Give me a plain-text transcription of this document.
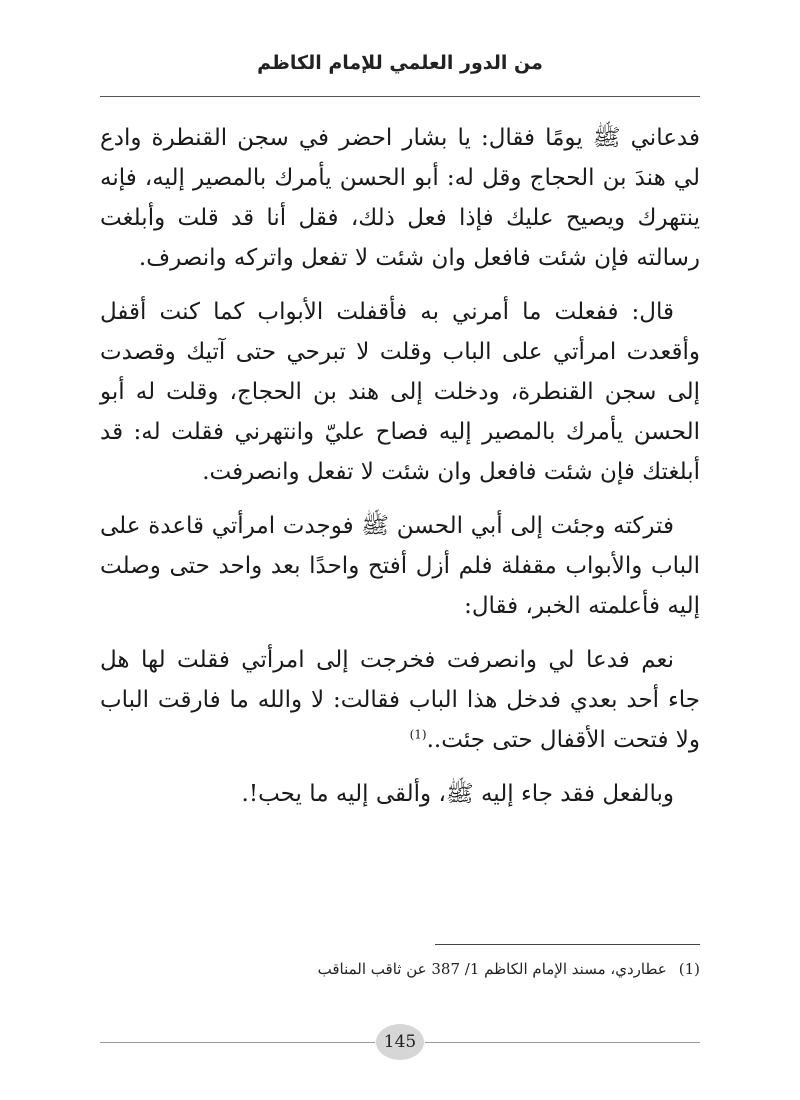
من الدور العلمي للإمام الكاظم

فدعاني ﷺ يومًا فقال: يا بشار احضر في سجن القنطرة وادع لي هندَ بن الحجاج وقل له: أبو الحسن يأمرك بالمصير إليه، فإنه ينتهرك ويصيح عليك فإذا فعل ذلك، فقل أنا قد قلت وأبلغت رسالته فإن شئت فافعل وان شئت لا تفعل واتركه وانصرف.

قال: ففعلت ما أمرني به فأقفلت الأبواب كما كنت أقفل وأقعدت امرأتي على الباب وقلت لا تبرحي حتى آتيك وقصدت إلى سجن القنطرة، ودخلت إلى هند بن الحجاج، وقلت له أبو الحسن يأمرك بالمصير إليه فصاح عليّ وانتهرني فقلت له: قد أبلغتك فإن شئت فافعل وان شئت لا تفعل وانصرفت.

فتركته وجئت إلى أبي الحسن ﷺ فوجدت امرأتي قاعدة على الباب والأبواب مقفلة فلم أزل أفتح واحدًا بعد واحد حتى وصلت إليه فأعلمته الخبر، فقال:

نعم فدعا لي وانصرفت فخرجت إلى امرأتي فقلت لها هل جاء أحد بعدي فدخل هذا الباب فقالت: لا والله ما فارقت الباب ولا فتحت الأقفال حتى جئت..$^{(1)}$

وبالفعل فقد جاء إليه ﷺ، وألقى إليه ما يحب!.

(1)عطاردي، مسند الإمام الكاظم 1/ 387 عن ثاقب المناقب
145
